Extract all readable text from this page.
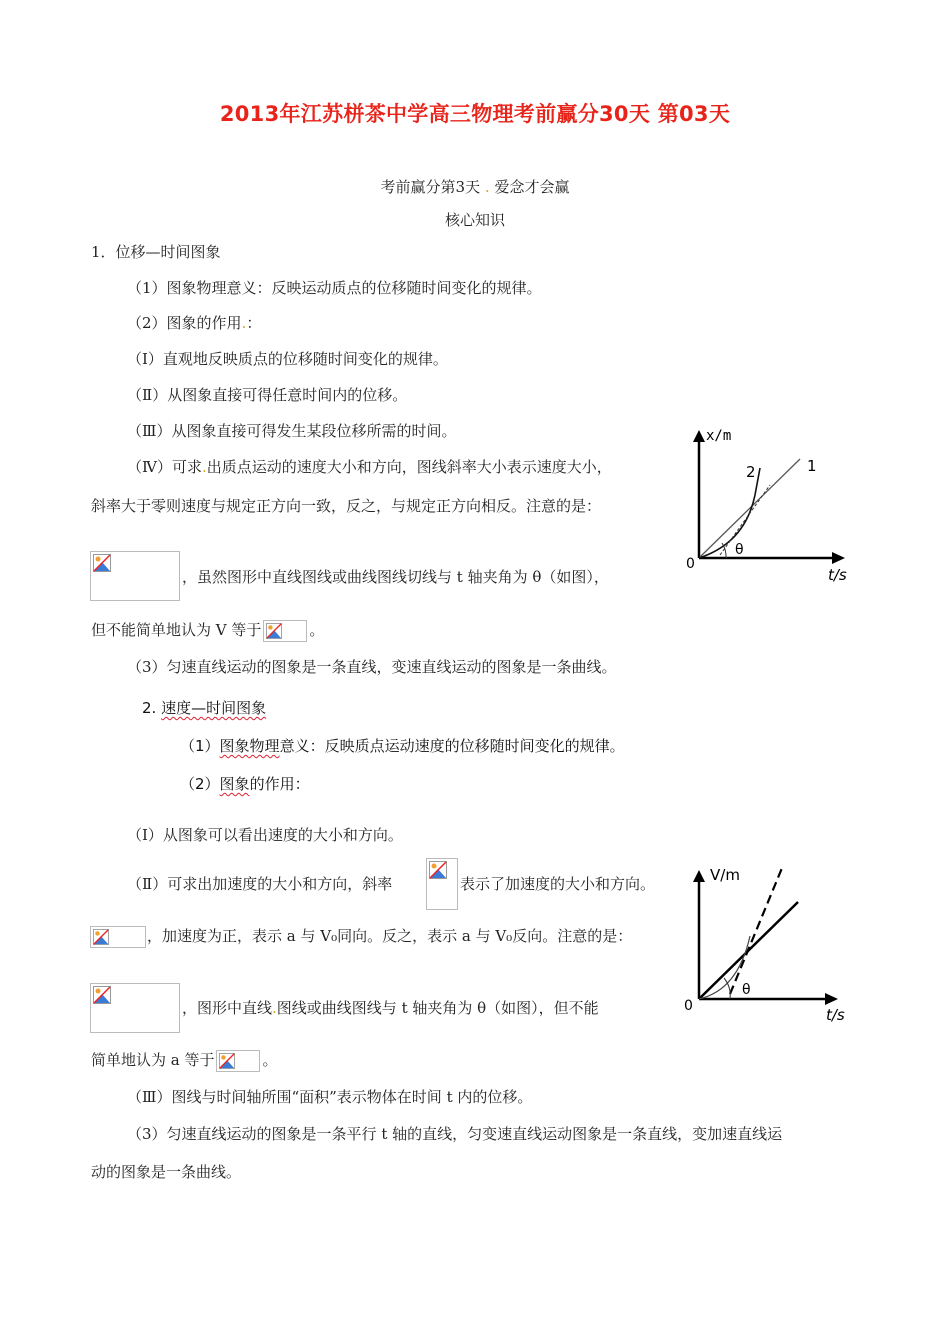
2013年江苏栟茶中学高三物理考前赢分30天 第03天
考前赢分第3天 . 爱念才会赢
核心知识
1．位移—时间图象
（1）图象物理意义：反映运动质点的位移随时间变化的规律。
（2）图象的作用.：
（Ⅰ）直观地反映质点的位移随时间变化的规律。
（Ⅱ）从图象直接可得任意时间内的位移。
（Ⅲ）从图象直接可得发生某段位移所需的时间。
（Ⅳ）可求.出质点运动的速度大小和方向，图线斜率大小表示速度大小，
斜率大于零则速度与规定正方向一致，反之，与规定正方向相反。注意的是：
，虽然图形中直线图线或曲线图线切线与 t 轴夹角为 θ（如图），
但不能简单地认为 V 等于	。
（3）匀速直线运动的图象是一条直线，变速直线运动的图象是一条曲线。
x/m
t/s
0
1
2
θ
2. 速度—时间图象
（1）图象物理意义：反映质点运动速度的位移随时间变化的规律。
（2）图象的作用：
（Ⅰ）从图象可以看出速度的大小和方向。
（Ⅱ）可求出加速度的大小和方向，斜率	表示了加速度的大小和方向。
，加速度为正，表示 a 与 V₀同向。反之，表示 a 与 V₀反向。注意的是：
，图形中直线.图线或曲线图线与 t 轴夹角为 θ（如图），但不能
简单地认为 a 等于	。
（Ⅲ）图线与时间轴所围“面积”表示物体在时间 t 内的位移。
（3）匀速直线运动的图象是一条平行 t 轴的直线，匀变速直线运动图象是一条直线，变加速直线运
动的图象是一条曲线。
V/m
t/s
0
θ
